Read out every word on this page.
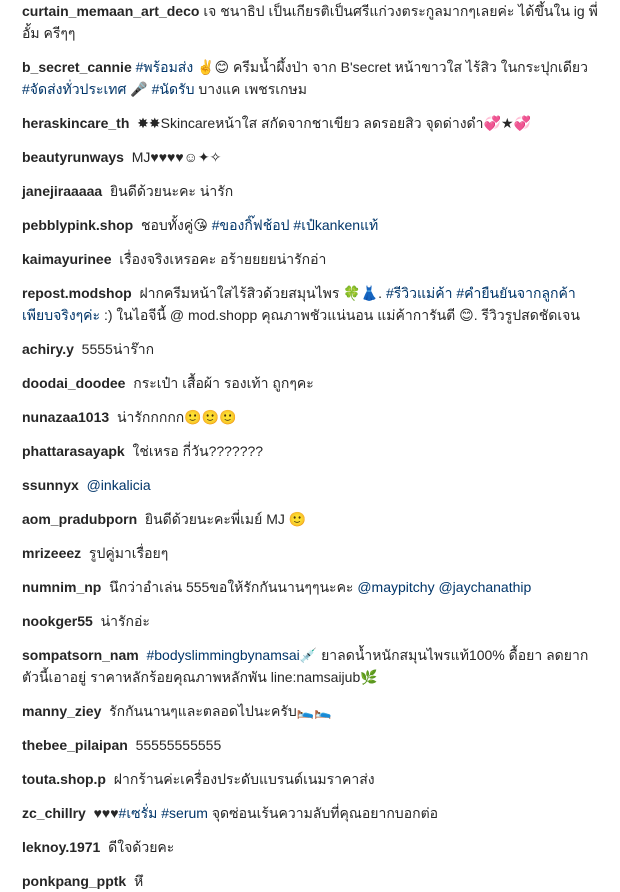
curtain_memaan_art_deco เจ ชนาธิป เป็นเกียรติเป็นศรีแก่วงตระกูลมากๆเลยค่ะ ได้ขึ้นใน ig พี่อั้ม ครีๆๆ
b_secret_cannie #พร้อมส่ง ✌️😊 ครีมน้ำผึ้งป่า จาก B'secret หน้าขาวใส ไร้สิว ในกระปุกเดียว #จัดส่งทั่วประเทศ 🎤 #นัดรับ บางแค เพชรเกษม
heraskincare_th  ✸✸Skincareหน้าใส สกัดจากชาเขียว ลดรอยสิว จุดด่างดำ💞★💞
beautyrunways  MJ♥♥♥♥☺✦✧
janejiraaaaa  ยินดีด้วยนะคะ น่ารัก
pebblypink.shop  ชอบทั้งคู่😘 #ของกิ๊ฟช้อป #เป๋kankenแท้
kaimayurinee  เรื่องจริงเหรอคะ อร้ายยยยน่ารักอ่า
repost.modshop  ฝากครีมหน้าใสไร้สิวด้วยสมุนไพร 🍀👗. #รีวิวแม่ค้า #คำยืนยันจากลูกค้าเพียบจริงๆค่ะ :) ในไอจีนี้ @ mod.shopp คุณภาพชัวแน่นอน แม่ค้าการันตี 😊. รีวิวรูปสดชัดเจน
achiry.y  5555น่าร๊าก
doodai_doodee  กระเป๋า เสื้อผ้า รองเท้า ถูกๆคะ
nunazaa1013  น่ารักกกกก🙂🙂🙂
phattarasayapk  ใช่เหรอ กี่วัน???????
ssunnyx @inkalicia
aom_pradubporn  ยินดีด้วยนะคะพี่เมย์ MJ 🙂
mrizeeez  รูปคู่มาเรื่อยๆ
numnim_np  นึกว่าอำเล่น 555ขอให้รักกันนานๆๆนะคะ @maypitchy @jaychanathip
nookger55  น่ารักอ่ะ
sompatsorn_nam #bodyslimmingbynamsai💉 ยาลดน้ำหนักสมุนไพรแท้100% ดื้อยา ลดยาก ตัวนี้เอาอยู่ ราคาหลักร้อยคุณภาพหลักพัน line:namsaijub🌿
manny_ziey  รักกันนานๆและตลอดไปนะครับ🛌🛌
thebee_pilaipan  55555555555
touta.shop.p  ฝากร้านค่ะเครื่องประดับแบรนด์เนมราคาส่ง
zc_chillry  ♥♥♥#เซรั่ม #serum จุดซ่อนเร้นความลับที่คุณอยากบอกต่อ
leknoy.1971  ดีใจด้วยคะ
ponkpang_pptk  หึ
